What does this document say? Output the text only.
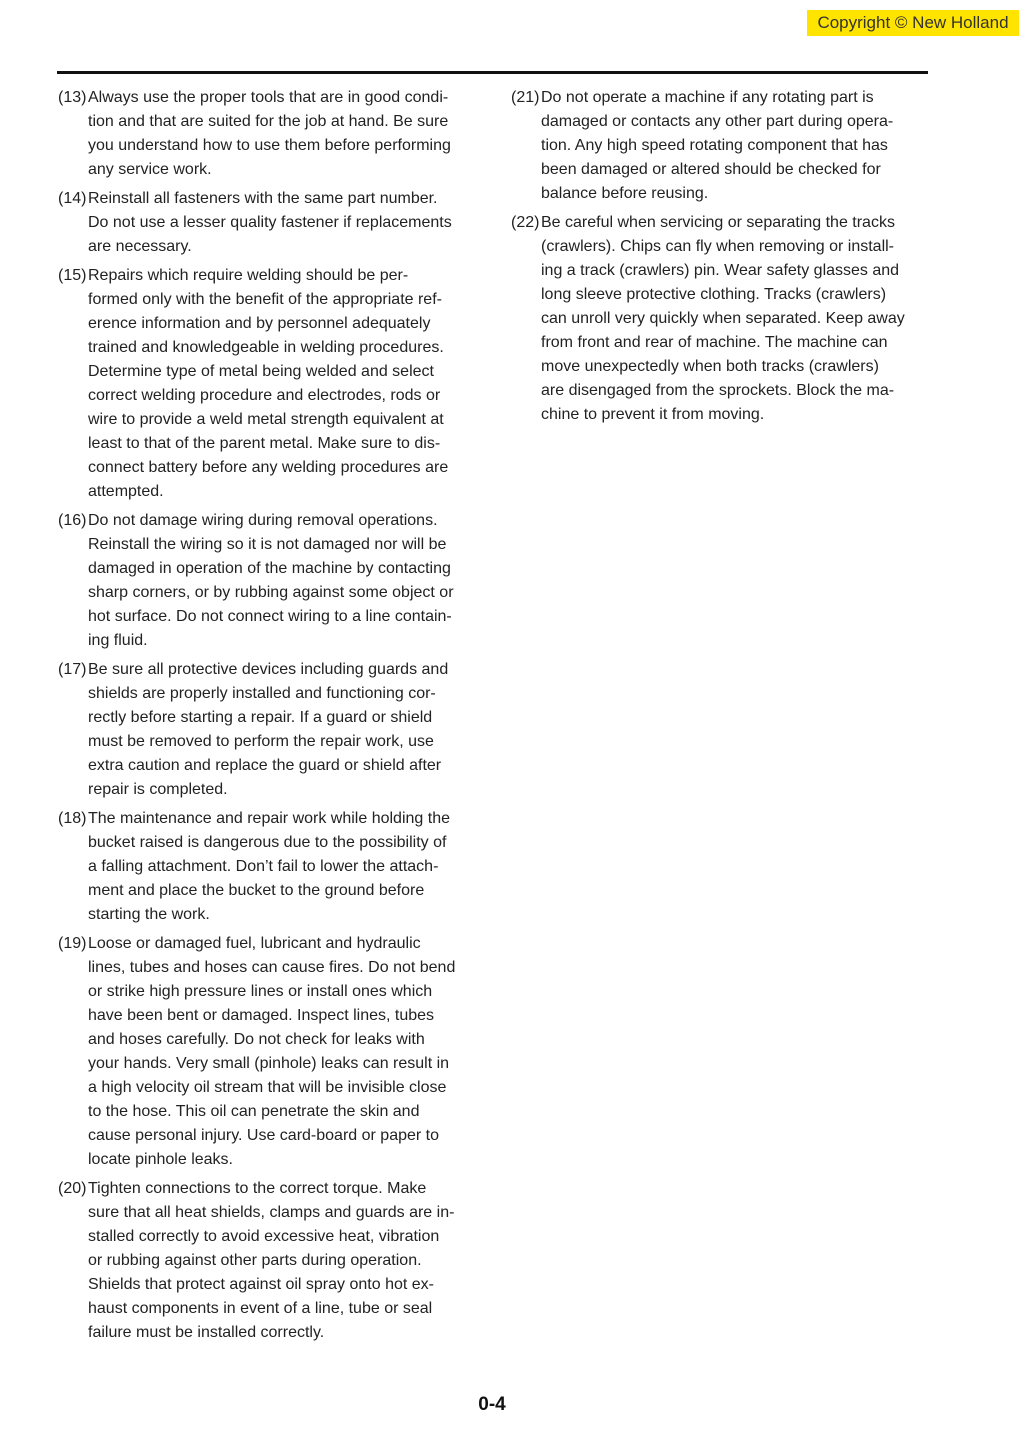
Copyright © New Holland
(13) Always use the proper tools that are in good condi-
tion and that are suited for the job at hand. Be sure
you understand how to use them before performing
any service work.
(14) Reinstall all fasteners with the same part number.
Do not use a lesser quality fastener if replacements
are necessary.
(15) Repairs which require welding should be per-
formed only with the benefit of the appropriate ref-
erence information and by personnel adequately
trained and knowledgeable in welding procedures.
Determine type of metal being welded and select
correct welding procedure and electrodes, rods or
wire to provide a weld metal strength equivalent at
least to that of the parent metal. Make sure to dis-
connect battery before any welding procedures are
attempted.
(16) Do not damage wiring during removal operations.
Reinstall the wiring so it is not damaged nor will be
damaged in operation of the machine by contacting
sharp corners, or by rubbing against some object or
hot surface. Do not connect wiring to a line contain-
ing fluid.
(17) Be sure all protective devices including guards and
shields are properly installed and functioning cor-
rectly before starting a repair. If a guard or shield
must be removed to perform the repair work, use
extra caution and replace the guard or shield after
repair is completed.
(18) The maintenance and repair work while holding the
bucket raised is dangerous due to the possibility of
a falling attachment. Don’t fail to lower the attach-
ment and place the bucket to the ground before
starting the work.
(19) Loose or damaged fuel, lubricant and hydraulic
lines, tubes and hoses can cause fires. Do not bend
or strike high pressure lines or install ones which
have been bent or damaged. Inspect lines, tubes
and hoses carefully. Do not check for leaks with
your hands. Very small (pinhole) leaks can result in
a high velocity oil stream that will be invisible close
to the hose. This oil can penetrate the skin and
cause personal injury. Use card-board or paper to
locate pinhole leaks.
(20) Tighten connections to the correct torque. Make
sure that all heat shields, clamps and guards are in-
stalled correctly to avoid excessive heat, vibration
or rubbing against other parts during operation.
Shields that protect against oil spray onto hot ex-
haust components in event of a line, tube or seal
failure must be installed correctly.
(21) Do not operate a machine if any rotating part is
damaged or contacts any other part during opera-
tion. Any high speed rotating component that has
been damaged or altered should be checked for
balance before reusing.
(22) Be careful when servicing or separating the tracks
(crawlers). Chips can fly when removing or install-
ing a track (crawlers) pin. Wear safety glasses and
long sleeve protective clothing. Tracks (crawlers)
can unroll very quickly when separated. Keep away
from front and rear of machine. The machine can
move unexpectedly when both tracks (crawlers)
are disengaged from the sprockets. Block the ma-
chine to prevent it from moving.
0-4
